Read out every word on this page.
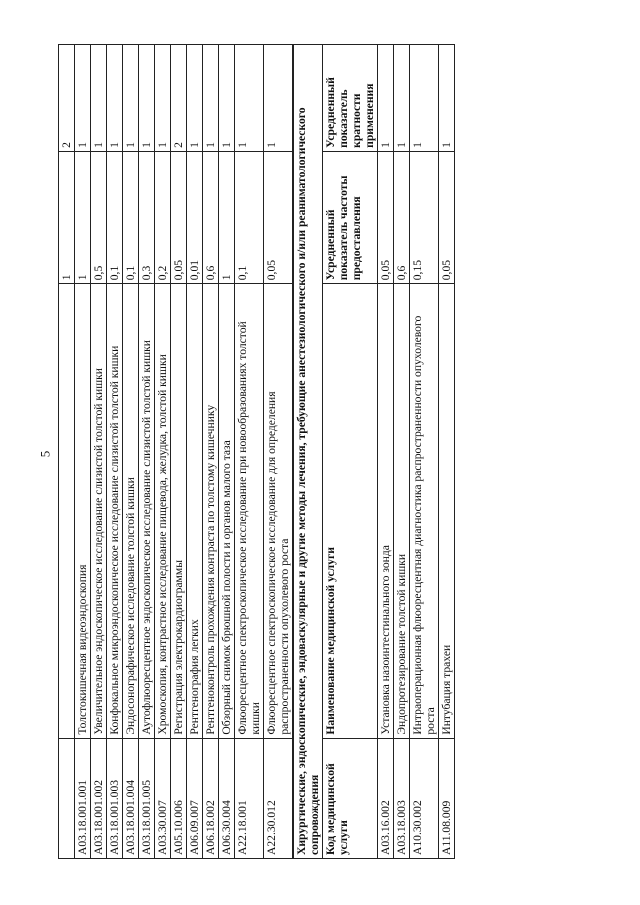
5
		1	2
A03.18.001.001	Толстокишечная видеоэндоскопия	1	1
A03.18.001.002	Увеличительное эндоскопическое исследование слизистой толстой кишки	0,5	1
A03.18.001.003	Конфокальное микроэндоскопическое исследование слизистой толстой кишки	0,1	1
A03.18.001.004	Эндосонографическое исследование толстой кишки	0,1	1
A03.18.001.005	Аутофлюоресцентное эндоскопическое исследование слизистой толстой кишки	0,3	1
A03.30.007	Хромоскопия, контрастное исследование пищевода, желудка, толстой кишки	0,2	1
A05.10.006	Регистрация электрокардиограммы	0,05	2
A06.09.007	Рентгенография легких	0,01	1
A06.18.002	Рентгеноконтроль прохождения контраста по толстому кишечнику	0,6	1
A06.30.004	Обзорный снимок брюшной полости и органов малого таза	1	1
A22.18.001	Флюоресцентное спектроскопическое исследование при новообразованиях толстой кишки	0,1	1
A22.30.012	Флюоресцентное спектроскопическое исследование для определения распространенности опухолевого роста	0,05	1
Хирургические, эндоскопические, эндоваскулярные и другие методы лечения, требующие анестезиологического и/или реаниматологического сопровождения			
Код медицинской услуги	Наименование медицинской услуги	Усредненный показатель частоты предоставления	Усредненный показатель кратности применения
A03.16.002	Установка назоинтестинального зонда	0,05	1
A03.18.003	Эндопротезирование толстой кишки	0,6	1
A10.30.002	Интраоперационная флюоресцентная диагностика распространенности опухолевого роста	0,15	1
A11.08.009	Интубация трахеи	0,05	1
